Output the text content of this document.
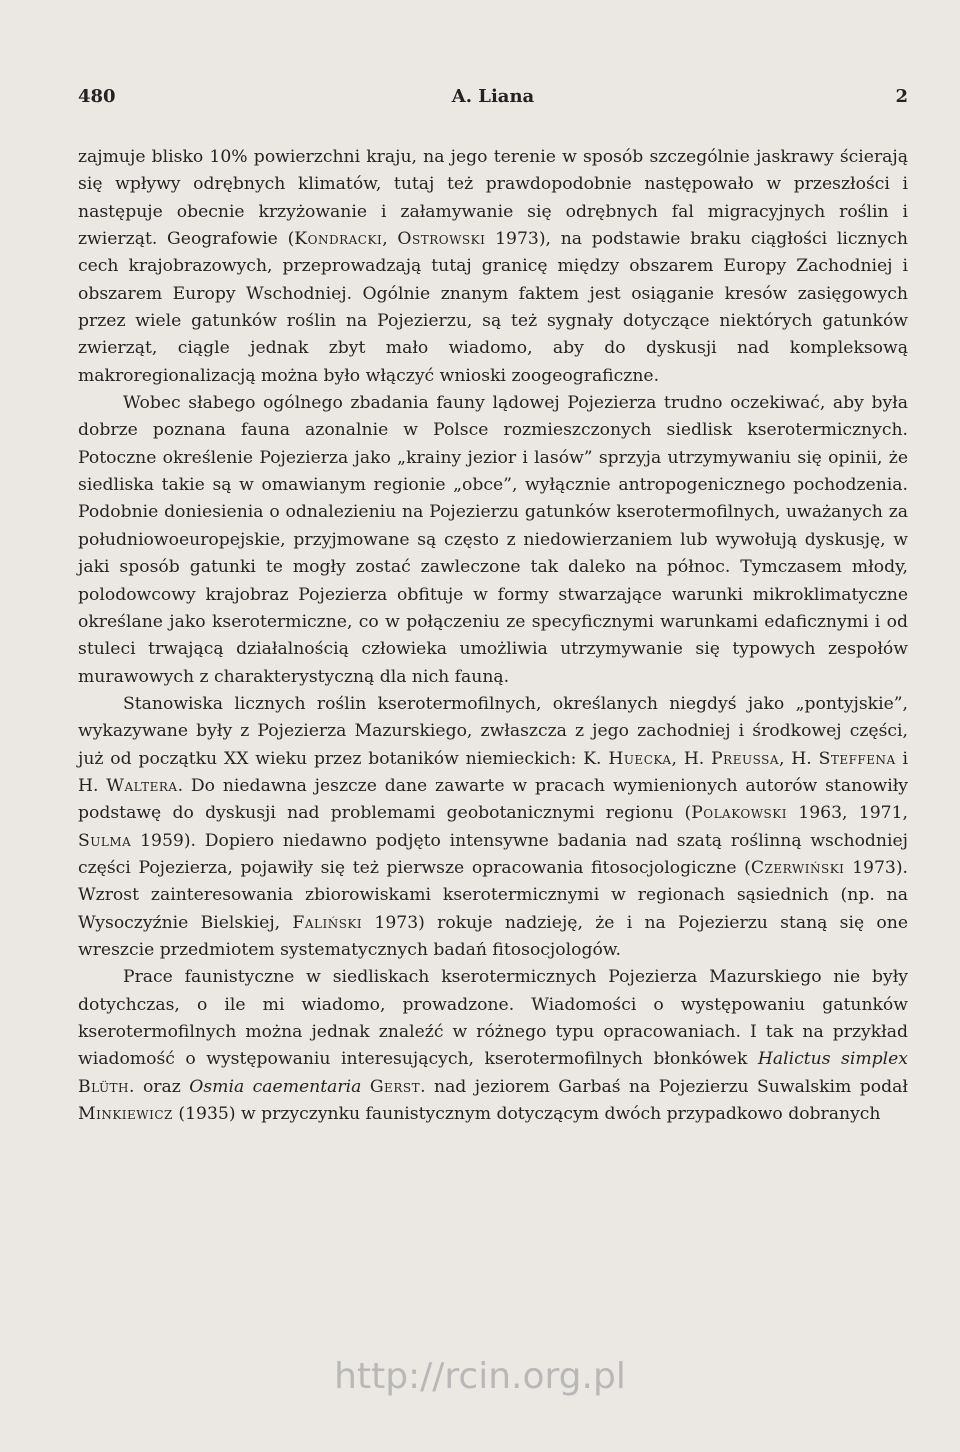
480	A. Liana	2

zajmuje blisko 10% powierzchni kraju, na jego terenie w sposób szczególnie jaskrawy ścierają się wpływy odrębnych klimatów, tutaj też prawdopodobnie następowało w przeszłości i następuje obecnie krzyżowanie i załamywanie się odrębnych fal migracyjnych roślin i zwierząt. Geografowie (Kondracki, Ostrowski 1973), na podstawie braku ciągłości licznych cech krajobrazowych, przeprowadzają tutaj granicę między obszarem Europy Zachodniej i obszarem Europy Wschodniej. Ogólnie znanym faktem jest osiąganie kresów zasięgowych przez wiele gatunków roślin na Pojezierzu, są też sygnały dotyczące niektórych gatunków zwierząt, ciągle jednak zbyt mało wiadomo, aby do dyskusji nad kompleksową makroregionalizacją można było włączyć wnioski zoogeograficzne.

Wobec słabego ogólnego zbadania fauny lądowej Pojezierza trudno oczekiwać, aby była dobrze poznana fauna azonalnie w Polsce rozmieszczonych siedlisk kserotermicznych. Potoczne określenie Pojezierza jako „krainy jezior i lasów” sprzyja utrzymywaniu się opinii, że siedliska takie są w omawianym regionie „obce”, wyłącznie antropogenicznego pochodzenia. Podobnie doniesienia o odnalezieniu na Pojezierzu gatunków kserotermofilnych, uważanych za południowoeuropejskie, przyjmowane są często z niedowierzaniem lub wywołują dyskusję, w jaki sposób gatunki te mogły zostać zawleczone tak daleko na północ. Tymczasem młody, polodowcowy krajobraz Pojezierza obfituje w formy stwarzające warunki mikroklimatyczne określane jako kserotermiczne, co w połączeniu ze specyficznymi warunkami edaficznymi i od stuleci trwającą działalnością człowieka umożliwia utrzymywanie się typowych zespołów murawowych z charakterystyczną dla nich fauną.

Stanowiska licznych roślin kserotermofilnych, określanych niegdyś jako „pontyjskie”, wykazywane były z Pojezierza Mazurskiego, zwłaszcza z jego zachodniej i środkowej części, już od początku XX wieku przez botaników niemieckich: K. Huecka, H. Preussa, H. Steffena i H. Waltera. Do niedawna jeszcze dane zawarte w pracach wymienionych autorów stanowiły podstawę do dyskusji nad problemami geobotanicznymi regionu (Polakowski 1963, 1971, Sulma 1959). Dopiero niedawno podjęto intensywne badania nad szatą roślinną wschodniej części Pojezierza, pojawiły się też pierwsze opracowania fitosocjologiczne (Czerwiński 1973). Wzrost zainteresowania zbiorowiskami kserotermicznymi w regionach sąsiednich (np. na Wysoczyźnie Bielskiej, Faliński 1973) rokuje nadzieję, że i na Pojezierzu staną się one wreszcie przedmiotem systematycznych badań fitosocjologów.

Prace faunistyczne w siedliskach kserotermicznych Pojezierza Mazurskiego nie były dotychczas, o ile mi wiadomo, prowadzone. Wiadomości o występowaniu gatunków kserotermofilnych można jednak znaleźć w różnego typu opracowaniach. I tak na przykład wiadomość o występowaniu interesujących, kserotermofilnych błonkówek Halictus simplex Blüth. oraz Osmia caementaria Gerst. nad jeziorem Garbaś na Pojezierzu Suwalskim podał Minkiewicz (1935) w przyczynku faunistycznym dotyczącym dwóch przypadkowo dobranych

http://rcin.org.pl
